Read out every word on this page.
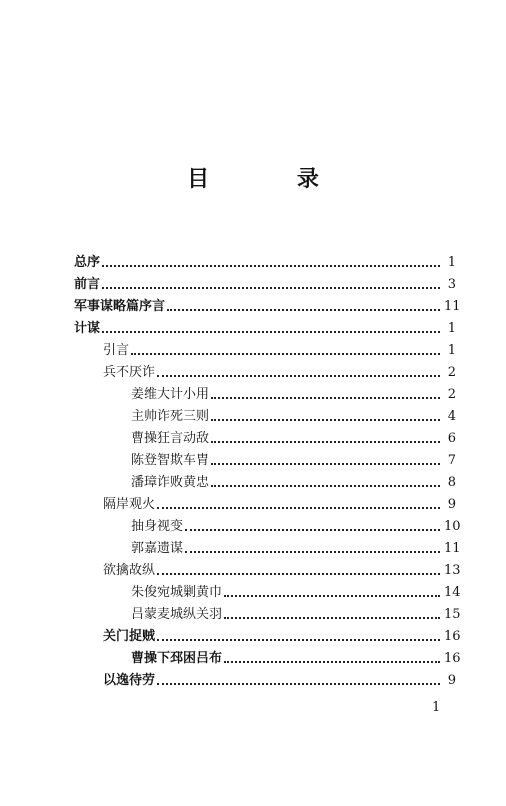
目 录
总序	1
前言	3
军事谋略篇序言	11
计谋	1
引言	1
兵不厌诈	2
姜维大计小用	2
主帅诈死三则	4
曹操狂言动敌	6
陈登智欺车胄	7
潘璋诈败黄忠	8
隔岸观火	9
抽身视变	10
郭嘉遗谋	11
欲擒故纵	13
朱俊宛城剿黄巾	14
吕蒙麦城纵关羽	15
关门捉贼	16
曹操下邳困吕布	16
以逸待劳	9
1
